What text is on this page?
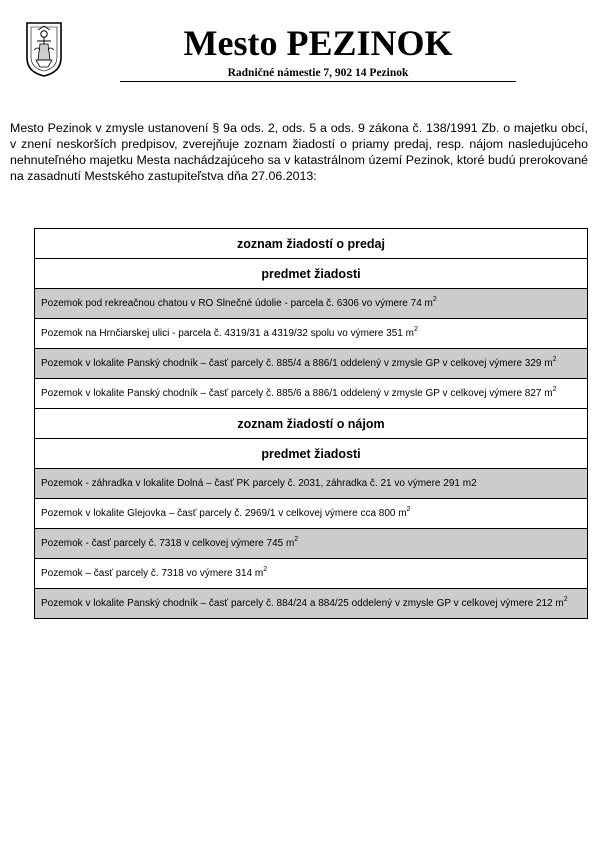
Mesto PEZINOK
Radničné námestie 7, 902 14 Pezinok

Mesto Pezinok v zmysle ustanovení § 9a ods. 2, ods. 5 a ods. 9 zákona č. 138/1991 Zb. o majetku obcí, v znení neskorších predpisov, zverejňuje zoznam žiadostí o priamy predaj, resp. nájom nasledujúceho nehnuteľného majetku Mesta nachádzajúceho sa v katastrálnom území Pezinok, ktoré budú prerokované na zasadnutí Mestského zastupiteľstva dňa 27.06.2013:

zoznam žiadostí o predaj
predmet žiadosti
Pozemok pod rekreačnou chatou v RO Slnečné údolie - parcela č. 6306 vo výmere 74 $m^2$
Pozemok na Hrnčiarskej ulici - parcela č. 4319/31 a 4319/32 spolu vo výmere 351 $m^2$
Pozemok v lokalite Panský chodník – časť parcely č. 885/4 a 886/1 oddelený v zmysle GP v celkovej výmere 329 $m^2$
Pozemok v lokalite Panský chodník – časť parcely č. 885/6 a 886/1 oddelený v zmysle GP v celkovej výmere 827 $m^2$
zoznam žiadostí o nájom
predmet žiadosti
Pozemok - záhradka v lokalite Dolná – časť PK parcely č. 2031, záhradka č. 21 vo výmere 291 m2
Pozemok v lokalite Glejovka – časť parcely č. 2969/1 v celkovej výmere cca 800 $m^2$
Pozemok - časť parcely č. 7318 v celkovej výmere 745 $m^2$
Pozemok – časť parcely č. 7318 vo výmere 314 $m^2$
Pozemok v lokalite Panský chodník – časť parcely č. 884/24 a 884/25 oddelený v zmysle GP v celkovej výmere 212 $m^2$
